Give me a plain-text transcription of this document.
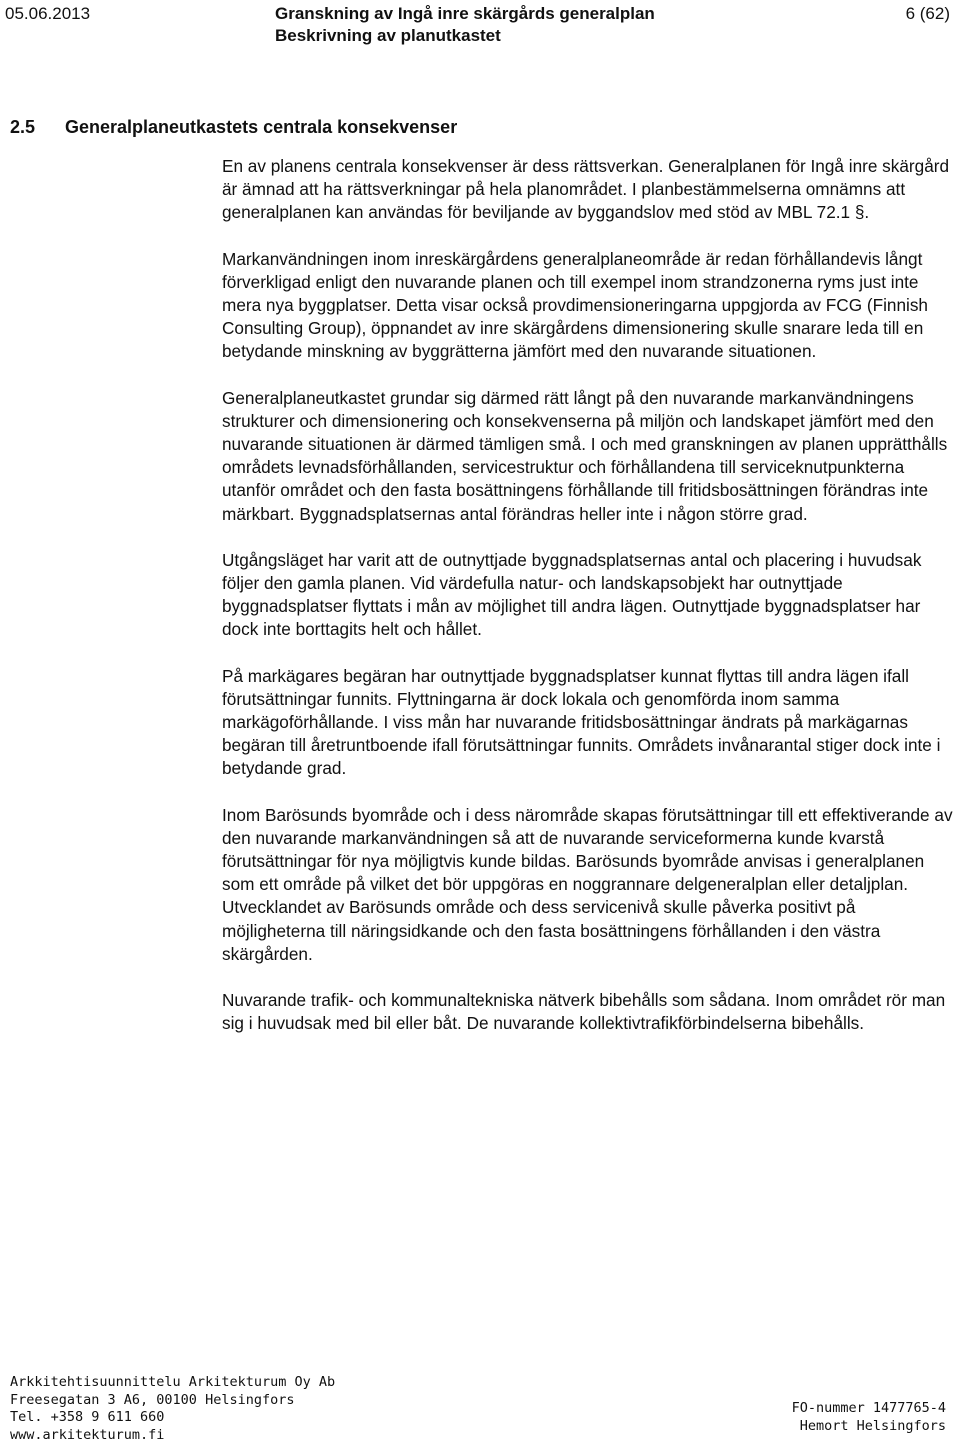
05.06.2013	Granskning av Ingå inre skärgårds generalplan
Beskrivning av planutkastet
6 (62)
2.5 Generalplaneutkastets centrala konsekvenser

En av planens centrala konsekvenser är dess rättsverkan. Generalplanen för Ingå inre skärgård är ämnad att ha rättsverkningar på hela planområdet. I planbestämmelserna omnämns att generalplanen kan användas för beviljande av byggandslov med stöd av MBL 72.1 §.

Markanvändningen inom inreskärgårdens generalplaneområde är redan förhållandevis långt förverkligad enligt den nuvarande planen och till exempel inom strandzonerna ryms just inte mera nya byggplatser. Detta visar också provdimensioneringarna uppgjorda av FCG (Finnish Consulting Group), öppnandet av inre skärgårdens dimensionering skulle snarare leda till en betydande minskning av byggrätterna jämfört med den nuvarande situationen.

Generalplaneutkastet grundar sig därmed rätt långt på den nuvarande markanvändningens strukturer och dimensionering och konsekvenserna på miljön och landskapet jämfört med den nuvarande situationen är därmed tämligen små. I och med granskningen av planen upprätthålls områdets levnadsförhållanden, servicestruktur och förhållandena till serviceknutpunkterna utanför området och den fasta bosättningens förhållande till fritidsbosättningen förändras inte märkbart. Byggnadsplatsernas antal förändras heller inte i någon större grad.

Utgångsläget har varit att de outnyttjade byggnadsplatsernas antal och placering i huvudsak följer den gamla planen. Vid värdefulla natur- och landskapsobjekt har outnyttjade byggnadsplatser flyttats i mån av möjlighet till andra lägen. Outnyttjade byggnadsplatser har dock inte borttagits helt och hållet.

På markägares begäran har outnyttjade byggnadsplatser kunnat flyttas till andra lägen ifall förutsättningar funnits. Flyttningarna är dock lokala och genomförda inom samma markägoförhållande. I viss mån har nuvarande fritidsbosättningar ändrats på markägarnas begäran till åretruntboende ifall förutsättningar funnits. Områdets invånarantal stiger dock inte i betydande grad.

Inom Barösunds byområde och i dess närområde skapas förutsättningar till ett effektiverande av den nuvarande markanvändningen så att de nuvarande serviceformerna kunde kvarstå förutsättningar för nya möjligtvis kunde bildas. Barösunds byområde anvisas i generalplanen som ett område på vilket det bör uppgöras en noggrannare delgeneralplan eller detaljplan. Utvecklandet av Barösunds område och dess servicenivå skulle påverka positivt på möjligheterna till näringsidkande och den fasta bosättningens förhållanden i den västra skärgården.

Nuvarande trafik- och kommunaltekniska nätverk bibehålls som sådana. Inom området rör man sig i huvudsak med bil eller båt. De nuvarande kollektivtrafikförbindelserna bibehålls.

Arkkitehtisuunnittelu Arkitekturum Oy Ab
Freesegatan 3 A6, 00100 Helsingfors
Tel. +358 9 611 660
www.arkitekturum.fi
FO-nummer 1477765-4
Hemort Helsingfors
